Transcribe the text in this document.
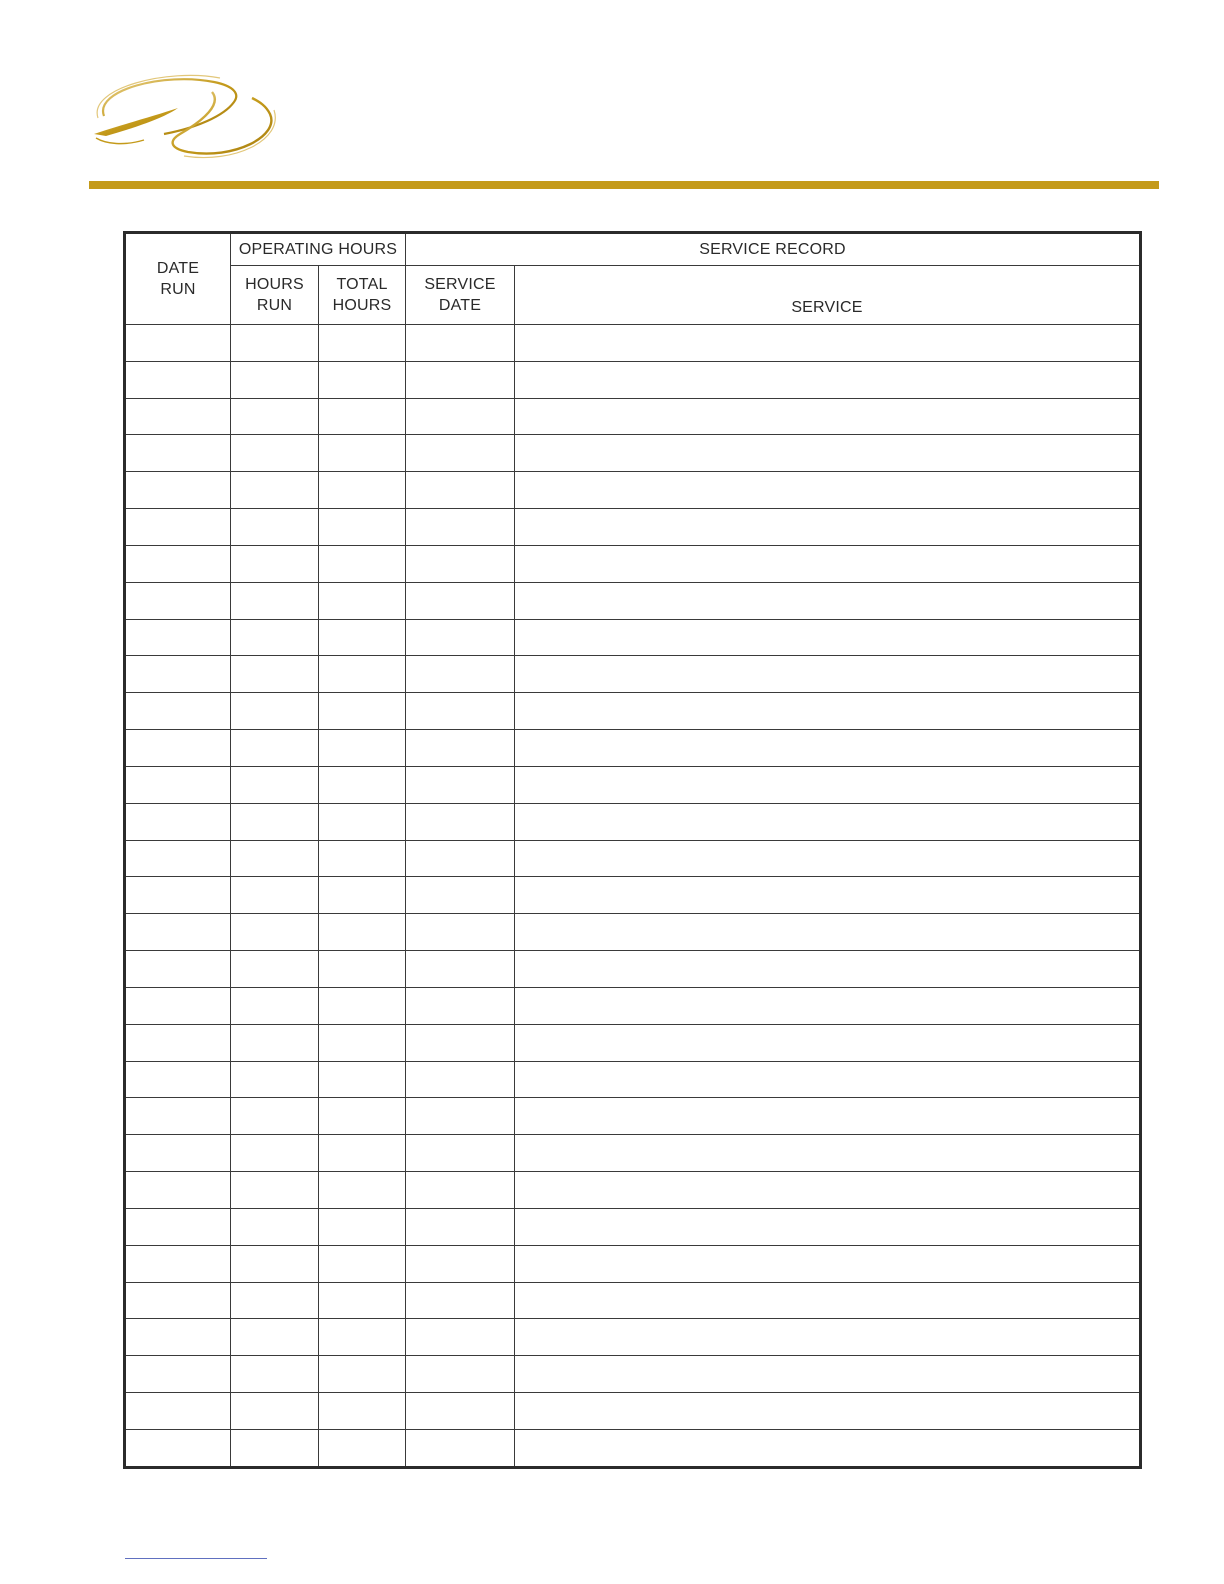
DATE RUN	OPERATING HOURS		SERVICE RECORD	
	HOURS RUN	TOTAL HOURS	SERVICE DATE	SERVICE
